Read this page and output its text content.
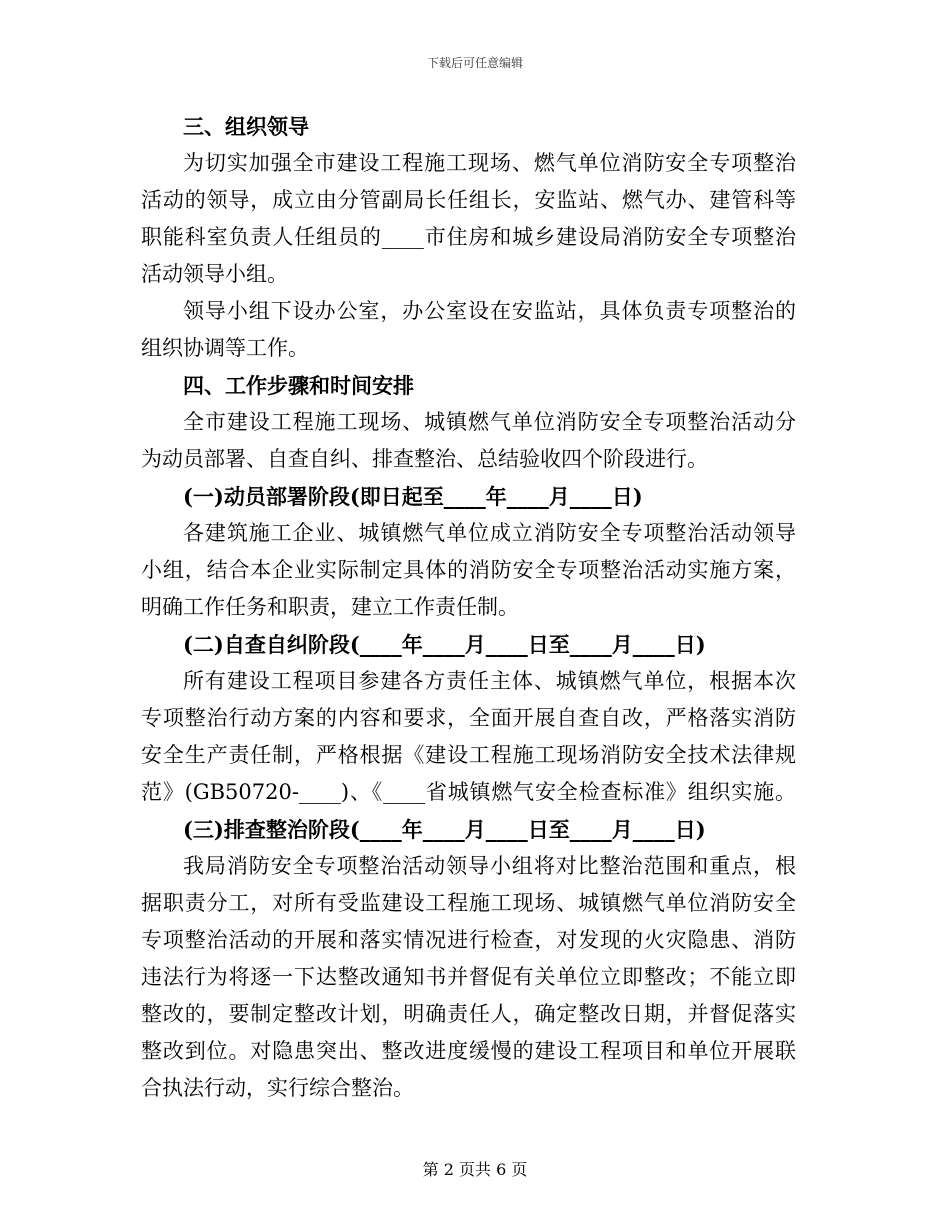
下载后可任意编辑
三、组织领导
为切实加强全市建设工程施工现场、燃气单位消防安全专项整治
活动的领导，成立由分管副局长任组长，安监站、燃气办、建管科等
职能科室负责人任组员的____市住房和城乡建设局消防安全专项整治
活动领导小组。
领导小组下设办公室，办公室设在安监站，具体负责专项整治的
组织协调等工作。
四、工作步骤和时间安排
全市建设工程施工现场、城镇燃气单位消防安全专项整治活动分
为动员部署、自查自纠、排查整治、总结验收四个阶段进行。
(一)动员部署阶段(即日起至____年____月____日)
各建筑施工企业、城镇燃气单位成立消防安全专项整治活动领导
小组，结合本企业实际制定具体的消防安全专项整治活动实施方案，
明确工作任务和职责，建立工作责任制。
(二)自查自纠阶段(____年____月____日至____月____日)
所有建设工程项目参建各方责任主体、城镇燃气单位，根据本次
专项整治行动方案的内容和要求，全面开展自查自改，严格落实消防
安全生产责任制，严格根据《建设工程施工现场消防安全技术法律规
范》(GB50720-____)、《____省城镇燃气安全检查标准》组织实施。
(三)排查整治阶段(____年____月____日至____月____日)
我局消防安全专项整治活动领导小组将对比整治范围和重点，根
据职责分工，对所有受监建设工程施工现场、城镇燃气单位消防安全
专项整治活动的开展和落实情况进行检查，对发现的火灾隐患、消防
违法行为将逐一下达整改通知书并督促有关单位立即整改；不能立即
整改的，要制定整改计划，明确责任人，确定整改日期，并督促落实
整改到位。对隐患突出、整改进度缓慢的建设工程项目和单位开展联
合执法行动，实行综合整治。
第 2 页共 6 页
